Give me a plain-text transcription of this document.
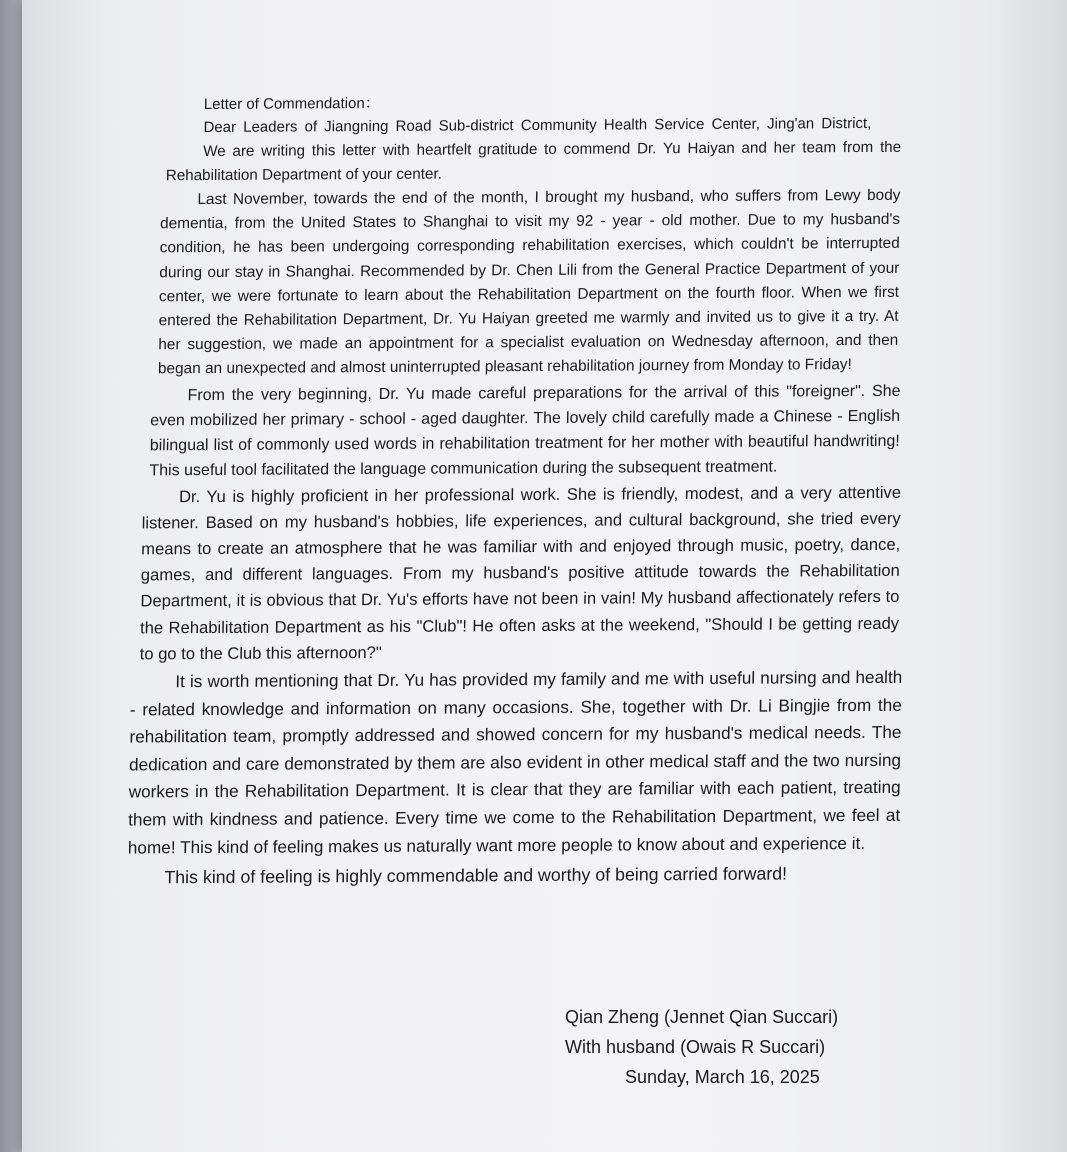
Letter of Commendation：

Dear Leaders of Jiangning Road Sub-district Community Health Service Center, Jing'an District,

We are writing this letter with heartfelt gratitude to commend Dr. Yu Haiyan and her team from the Rehabilitation Department of your center.

Last November, towards the end of the month, I brought my husband, who suffers from Lewy body dementia, from the United States to Shanghai to visit my 92 - year - old mother. Due to my husband's condition, he has been undergoing corresponding rehabilitation exercises, which couldn't be interrupted during our stay in Shanghai. Recommended by Dr. Chen Lili from the General Practice Department of your center, we were fortunate to learn about the Rehabilitation Department on the fourth floor. When we first entered the Rehabilitation Department, Dr. Yu Haiyan greeted me warmly and invited us to give it a try. At her suggestion, we made an appointment for a specialist evaluation on Wednesday afternoon, and then began an unexpected and almost uninterrupted pleasant rehabilitation journey from Monday to Friday!

From the very beginning, Dr. Yu made careful preparations for the arrival of this "foreigner". She even mobilized her primary - school - aged daughter. The lovely child carefully made a Chinese - English bilingual list of commonly used words in rehabilitation treatment for her mother with beautiful handwriting! This useful tool facilitated the language communication during the subsequent treatment.

Dr. Yu is highly proficient in her professional work. She is friendly, modest, and a very attentive listener. Based on my husband's hobbies, life experiences, and cultural background, she tried every means to create an atmosphere that he was familiar with and enjoyed through music, poetry, dance, games, and different languages. From my husband's positive attitude towards the Rehabilitation Department, it is obvious that Dr. Yu's efforts have not been in vain! My husband affectionately refers to the Rehabilitation Department as his "Club"! He often asks at the weekend, "Should I be getting ready to go to the Club this afternoon?"

It is worth mentioning that Dr. Yu has provided my family and me with useful nursing and health - related knowledge and information on many occasions. She, together with Dr. Li Bingjie from the rehabilitation team, promptly addressed and showed concern for my husband's medical needs. The dedication and care demonstrated by them are also evident in other medical staff and the two nursing workers in the Rehabilitation Department. It is clear that they are familiar with each patient, treating them with kindness and patience. Every time we come to the Rehabilitation Department, we feel at home! This kind of feeling makes us naturally want more people to know about and experience it.

This kind of feeling is highly commendable and worthy of being carried forward!

Qian Zheng (Jennet Qian Succari)
With husband (Owais R Succari)
Sunday, March 16, 2025
